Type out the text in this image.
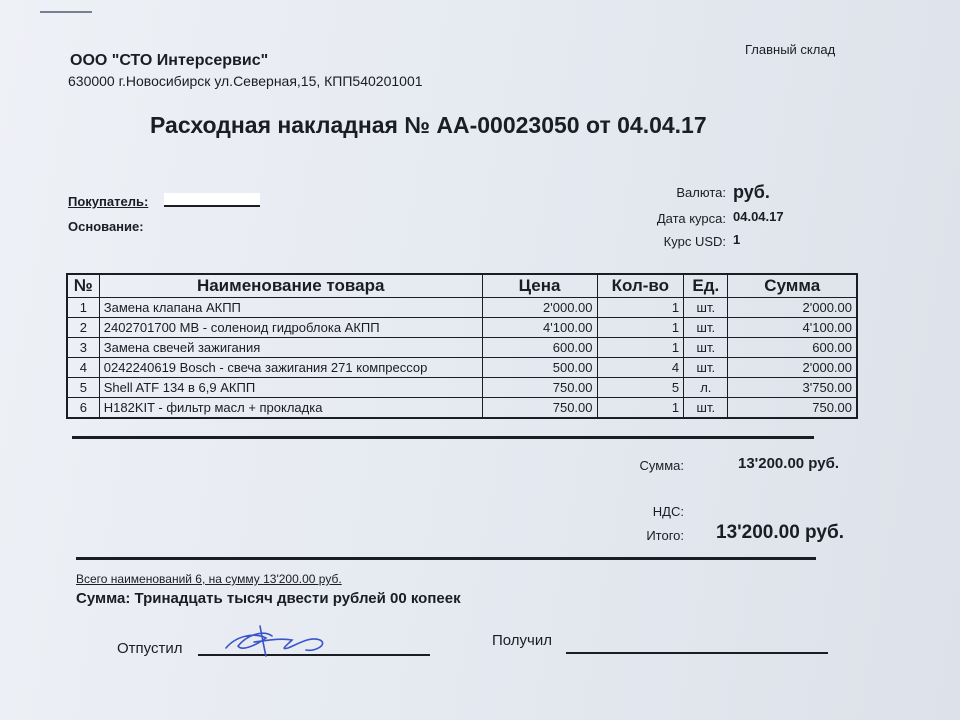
ООО "СТО Интерсервис"
630000 г.Новосибирск ул.Северная,15, КПП540201001
Главный склад
Расходная накладная № АА-00023050 от 04.04.17
Покупатель:
Основание:
Валюта: руб.
Дата курса: 04.04.17
Курс USD: 1
№	Наименование товара	Цена	Кол-во	Ед.	Сумма
1	Замена клапана АКПП	2'000.00	1	шт.	2'000.00
2	2402701700 MB - соленоид гидроблока АКПП	4'100.00	1	шт.	4'100.00
3	Замена свечей зажигания	600.00	1	шт.	600.00
4	0242240619 Bosch - свеча зажигания 271 компрессор	500.00	4	шт.	2'000.00
5	Shell ATF 134 в 6,9 АКПП	750.00	5	л.	3'750.00
6	H182KIT - фильтр масл + прокладка	750.00	1	шт.	750.00
Сумма:	13'200.00 руб.
НДС:
Итого: 13'200.00 руб.
Всего наименований 6, на сумму 13'200.00 руб.
Сумма: Тринадцать тысяч двести рублей 00 копеек
Отпустил	Получил
